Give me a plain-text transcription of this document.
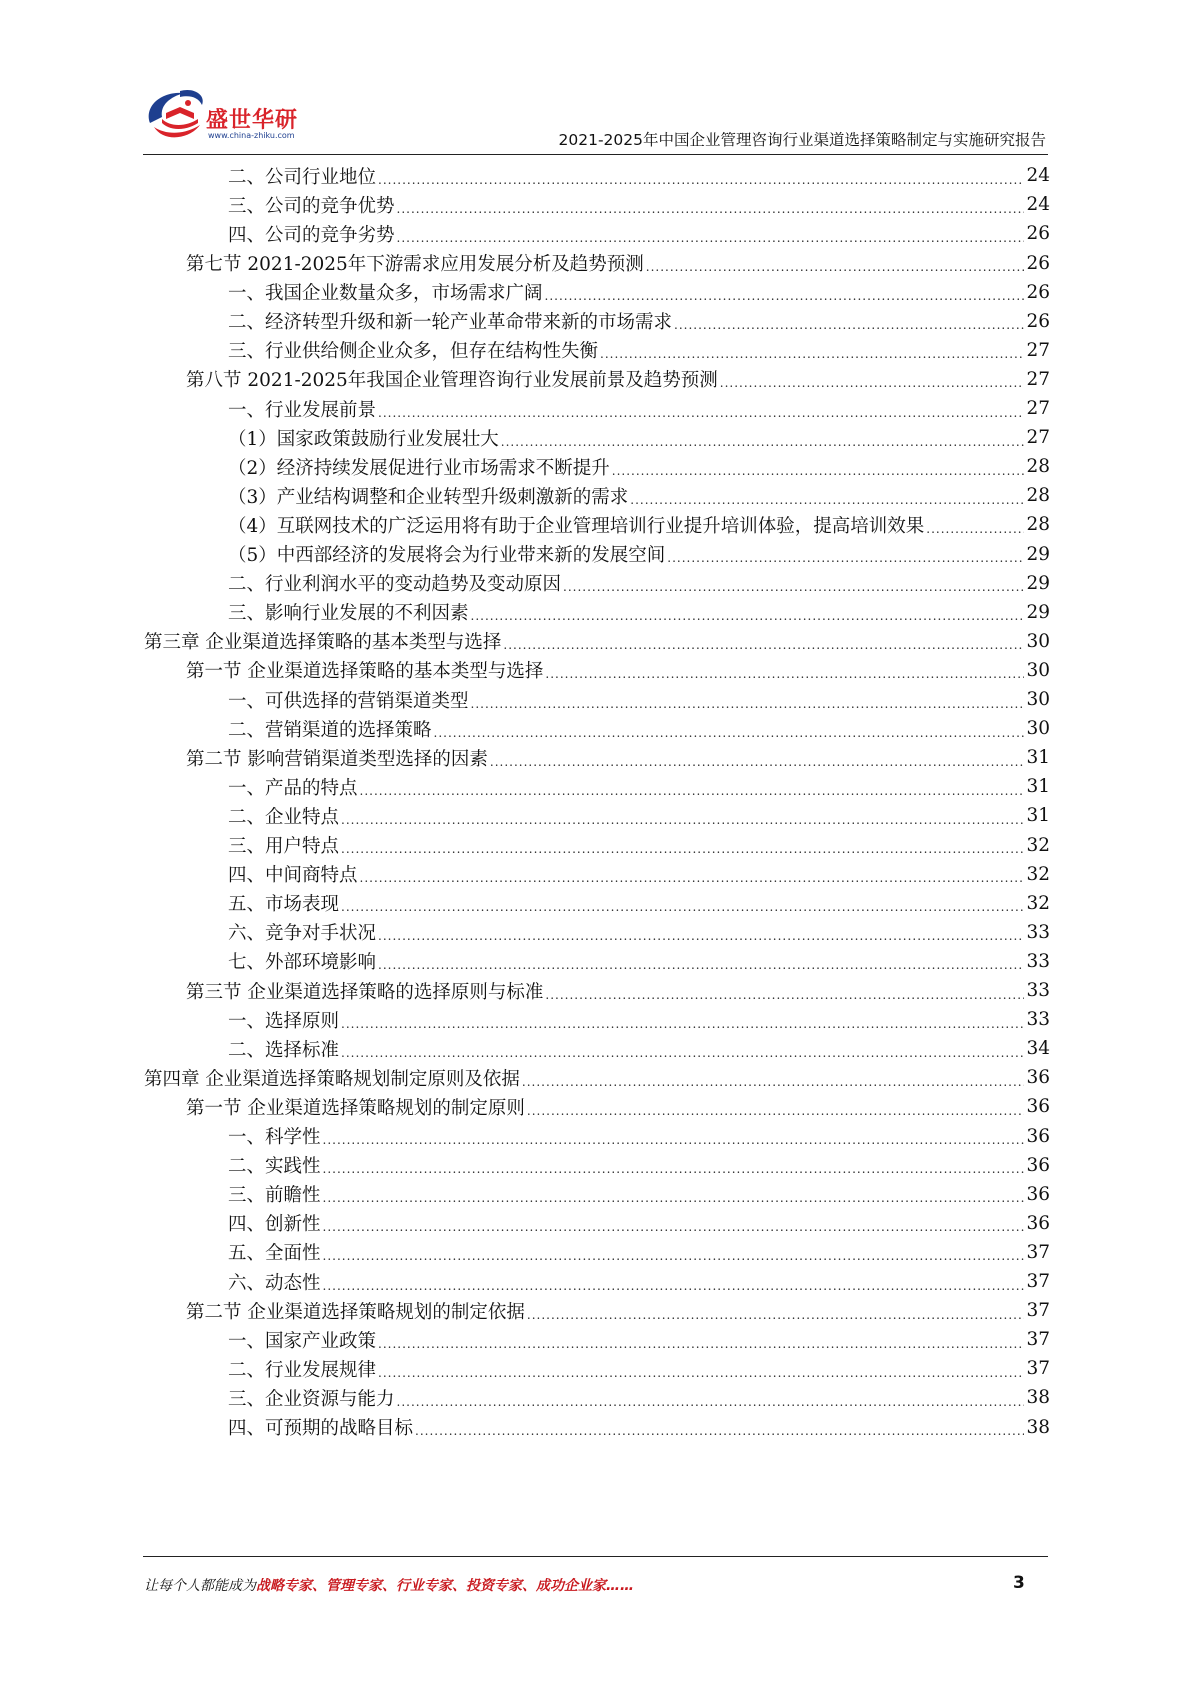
盛世华研
www.china-zhiku.com	2021-2025年中国企业管理咨询行业渠道选择策略制定与实施研究报告
二、公司行业地位 .....	24
三、公司的竞争优势 .....	24
四、公司的竞争劣势 .....	26
第七节 2021-2025年下游需求应用发展分析及趋势预测 .....	26
一、我国企业数量众多，市场需求广阔 .....	26
二、经济转型升级和新一轮产业革命带来新的市场需求 .....	26
三、行业供给侧企业众多，但存在结构性失衡 .....	27
第八节 2021-2025年我国企业管理咨询行业发展前景及趋势预测 .....	27
一、行业发展前景 .....	27
（1）国家政策鼓励行业发展壮大 .....	27
（2）经济持续发展促进行业市场需求不断提升 .....	28
（3）产业结构调整和企业转型升级刺激新的需求 .....	28
（4）互联网技术的广泛运用将有助于企业管理培训行业提升培训体验，提高培训效果 .....	28
（5）中西部经济的发展将会为行业带来新的发展空间 .....	29
二、行业利润水平的变动趋势及变动原因 .....	29
三、影响行业发展的不利因素 .....	29
第三章 企业渠道选择策略的基本类型与选择 .....	30
第一节 企业渠道选择策略的基本类型与选择 .....	30
一、可供选择的营销渠道类型 .....	30
二、营销渠道的选择策略 .....	30
第二节 影响营销渠道类型选择的因素 .....	31
一、产品的特点 .....	31
二、企业特点 .....	31
三、用户特点 .....	32
四、中间商特点 .....	32
五、市场表现 .....	32
六、竞争对手状况 .....	33
七、外部环境影响 .....	33
第三节 企业渠道选择策略的选择原则与标准 .....	33
一、选择原则 .....	33
二、选择标准 .....	34
第四章 企业渠道选择策略规划制定原则及依据 .....	36
第一节 企业渠道选择策略规划的制定原则 .....	36
一、科学性 .....	36
二、实践性 .....	36
三、前瞻性 .....	36
四、创新性 .....	36
五、全面性 .....	37
六、动态性 .....	37
第二节 企业渠道选择策略规划的制定依据 .....	37
一、国家产业政策 .....	37
二、行业发展规律 .....	37
三、企业资源与能力 .....	38
四、可预期的战略目标 .....	38
让每个人都能成为战略专家、管理专家、行业专家、投资专家、成功企业家……	3
